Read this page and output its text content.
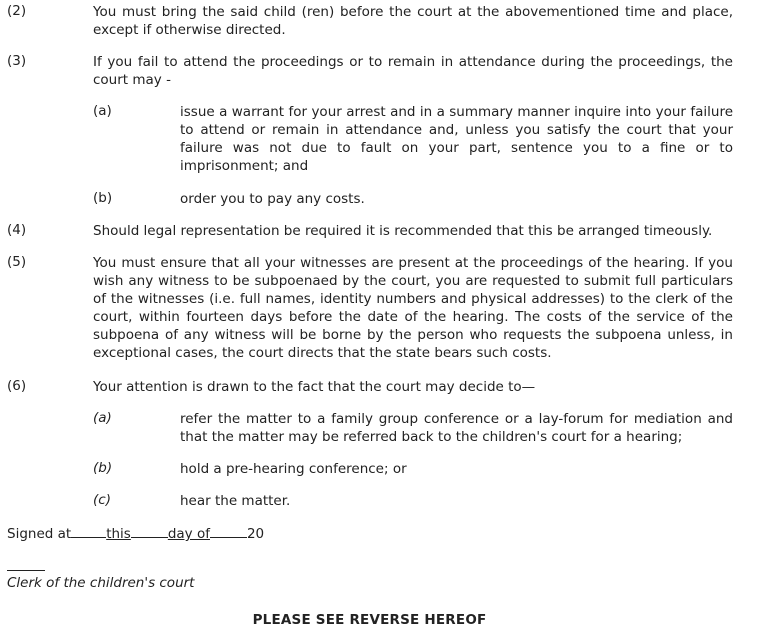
(2)	You must bring the said child (ren) before the court at the abovementioned time and place, except if otherwise directed.
(3)	If you fail to attend the proceedings or to remain in attendance during the proceedings, the court may -
(a)	issue a warrant for your arrest and in a summary manner inquire into your failure to attend or remain in attendance and, unless you satisfy the court that your failure was not due to fault on your part, sentence you to a fine or to imprisonment; and
(b)	order you to pay any costs.
(4)	Should legal representation be required it is recommended that this be arranged timeously.
(5)	You must ensure that all your witnesses are present at the proceedings of the hearing. If you wish any witness to be subpoenaed by the court, you are requested to submit full particulars of the witnesses (i.e. full names, identity numbers and physical addresses) to the clerk of the court, within fourteen days before the date of the hearing. The costs of the service of the subpoena of any witness will be borne by the person who requests the subpoena unless, in exceptional cases, the court directs that the state bears such costs.
(6)	Your attention is drawn to the fact that the court may decide to—
(a)	refer the matter to a family group conference or a lay-forum for mediation and that the matter may be referred back to the children's court for a hearing;
(b)	hold a pre-hearing conference; or
(c)	hear the matter.
Signed at	this	day of	20
Clerk of the children's court
PLEASE SEE REVERSE HEREOF
